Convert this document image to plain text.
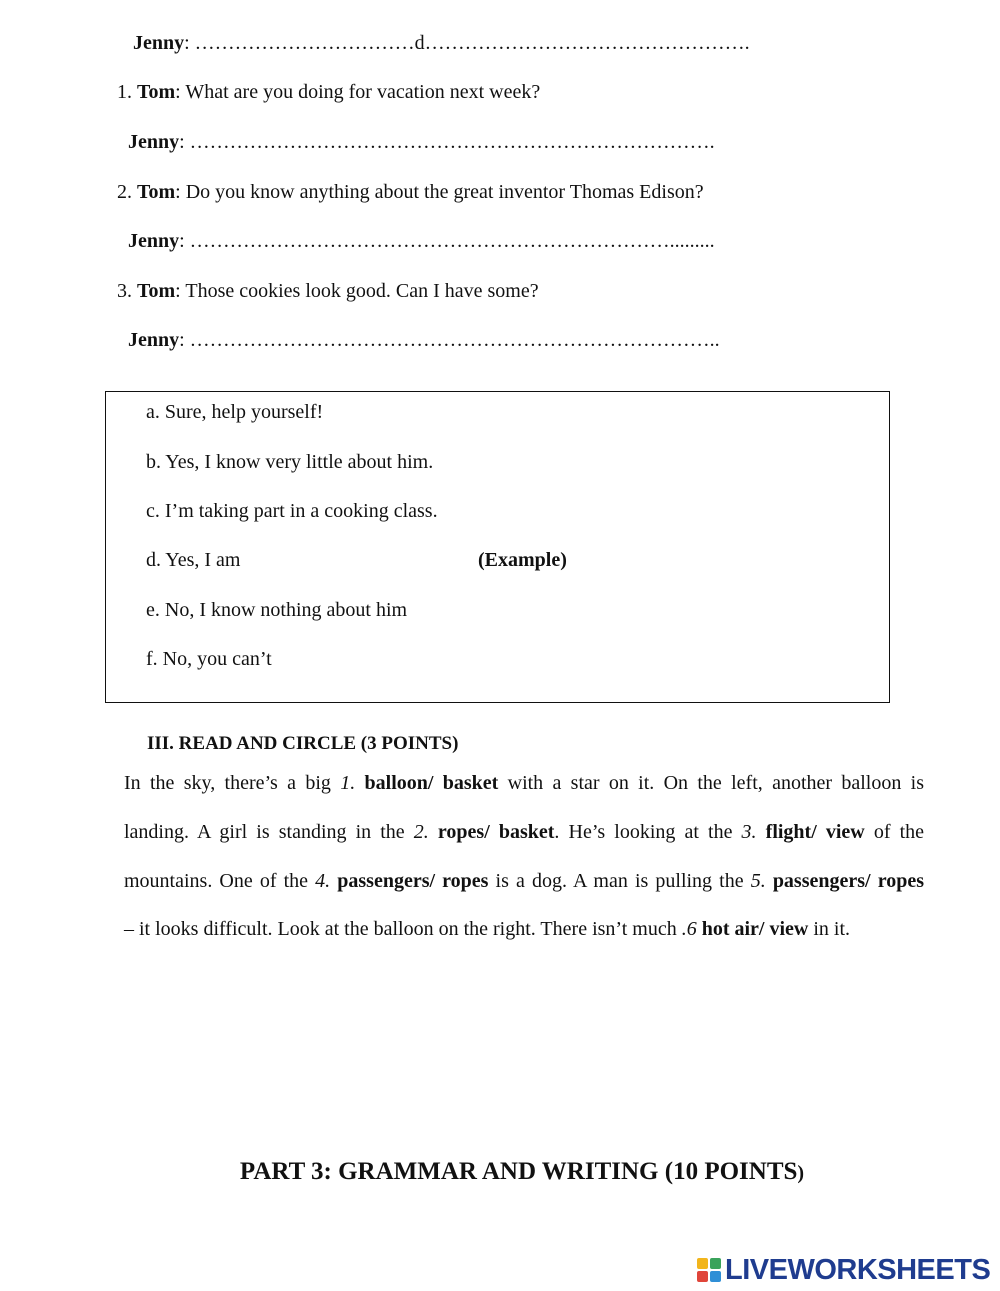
Jenny: ……………………………d………………………………………….
1. Tom: What are you doing for vacation next week?
Jenny: …………………………………………………………………….
2. Tom: Do you know anything about the great inventor Thomas Edison?
Jenny: ……………………………………………………………….........
3. Tom: Those cookies look good. Can I have some?
Jenny: ……………………………………………………………………..
a. Sure, help yourself!
b. Yes, I know very little about him.
c. I’m taking part in a cooking class.
d. Yes, I am	(Example)
e. No, I know nothing about him
f. No, you can’t
III. READ AND CIRCLE (3 POINTS)
In the sky, there’s a big 1. balloon/ basket with a star on it. On the left, another balloon is
landing. A girl is standing in the 2. ropes/ basket. He’s looking at the 3. flight/ view of the
mountains. One of the 4. passengers/ ropes is a dog. A man is pulling the 5. passengers/ ropes
– it looks difficult. Look at the balloon on the right. There isn’t much .6 hot air/ view in it.
PART 3: GRAMMAR AND WRITING (10 POINTS)
LIVEWORKSHEETS
